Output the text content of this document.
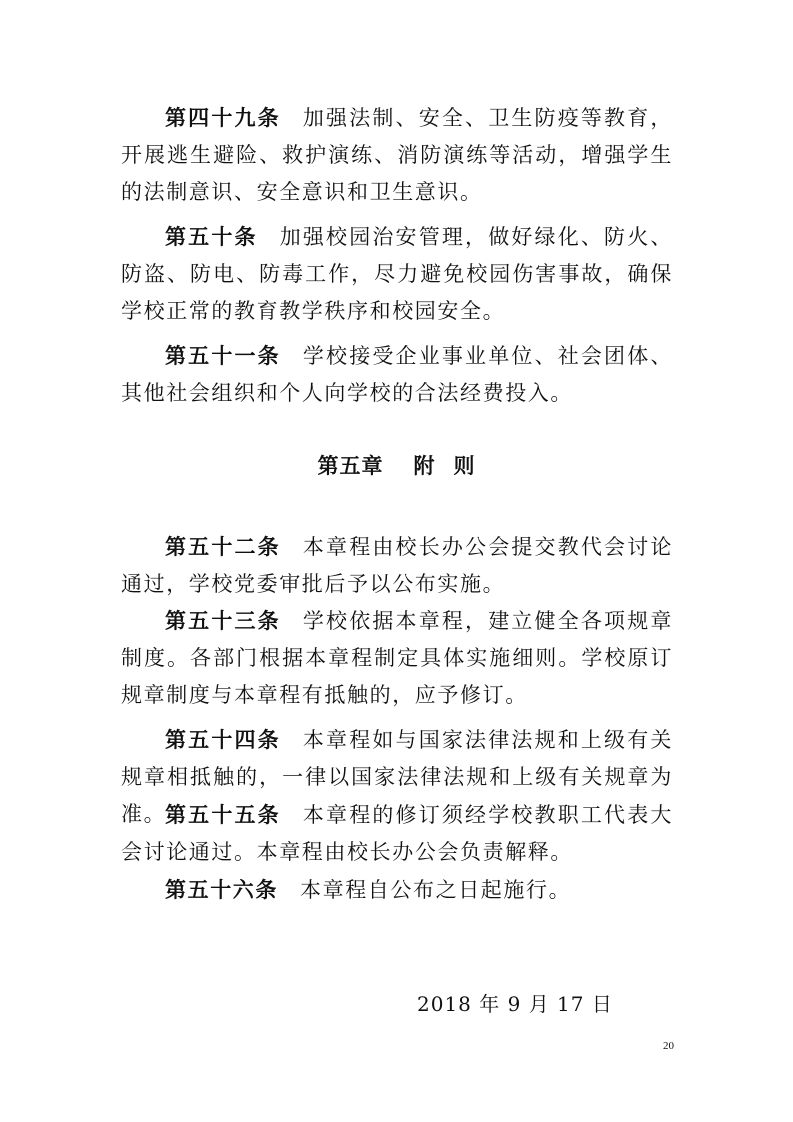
第四十九条 加强法制、安全、卫生防疫等教育，开展逃生避险、救护演练、消防演练等活动，增强学生的法制意识、安全意识和卫生意识。

第五十条 加强校园治安管理，做好绿化、防火、防盗、防电、防毒工作，尽力避免校园伤害事故，确保学校正常的教育教学秩序和校园安全。

第五十一条 学校接受企业事业单位、社会团体、其他社会组织和个人向学校的合法经费投入。

第五章 附 则

第五十二条 本章程由校长办公会提交教代会讨论通过，学校党委审批后予以公布实施。

第五十三条 学校依据本章程，建立健全各项规章制度。各部门根据本章程制定具体实施细则。学校原订规章制度与本章程有抵触的，应予修订。

第五十四条 本章程如与国家法律法规和上级有关规章相抵触的，一律以国家法律法规和上级有关规章为准。

第五十五条 本章程的修订须经学校教职工代表大会讨论通过。本章程由校长办公会负责解释。

第五十六条 本章程自公布之日起施行。

2018 年 9 月 17 日
20
